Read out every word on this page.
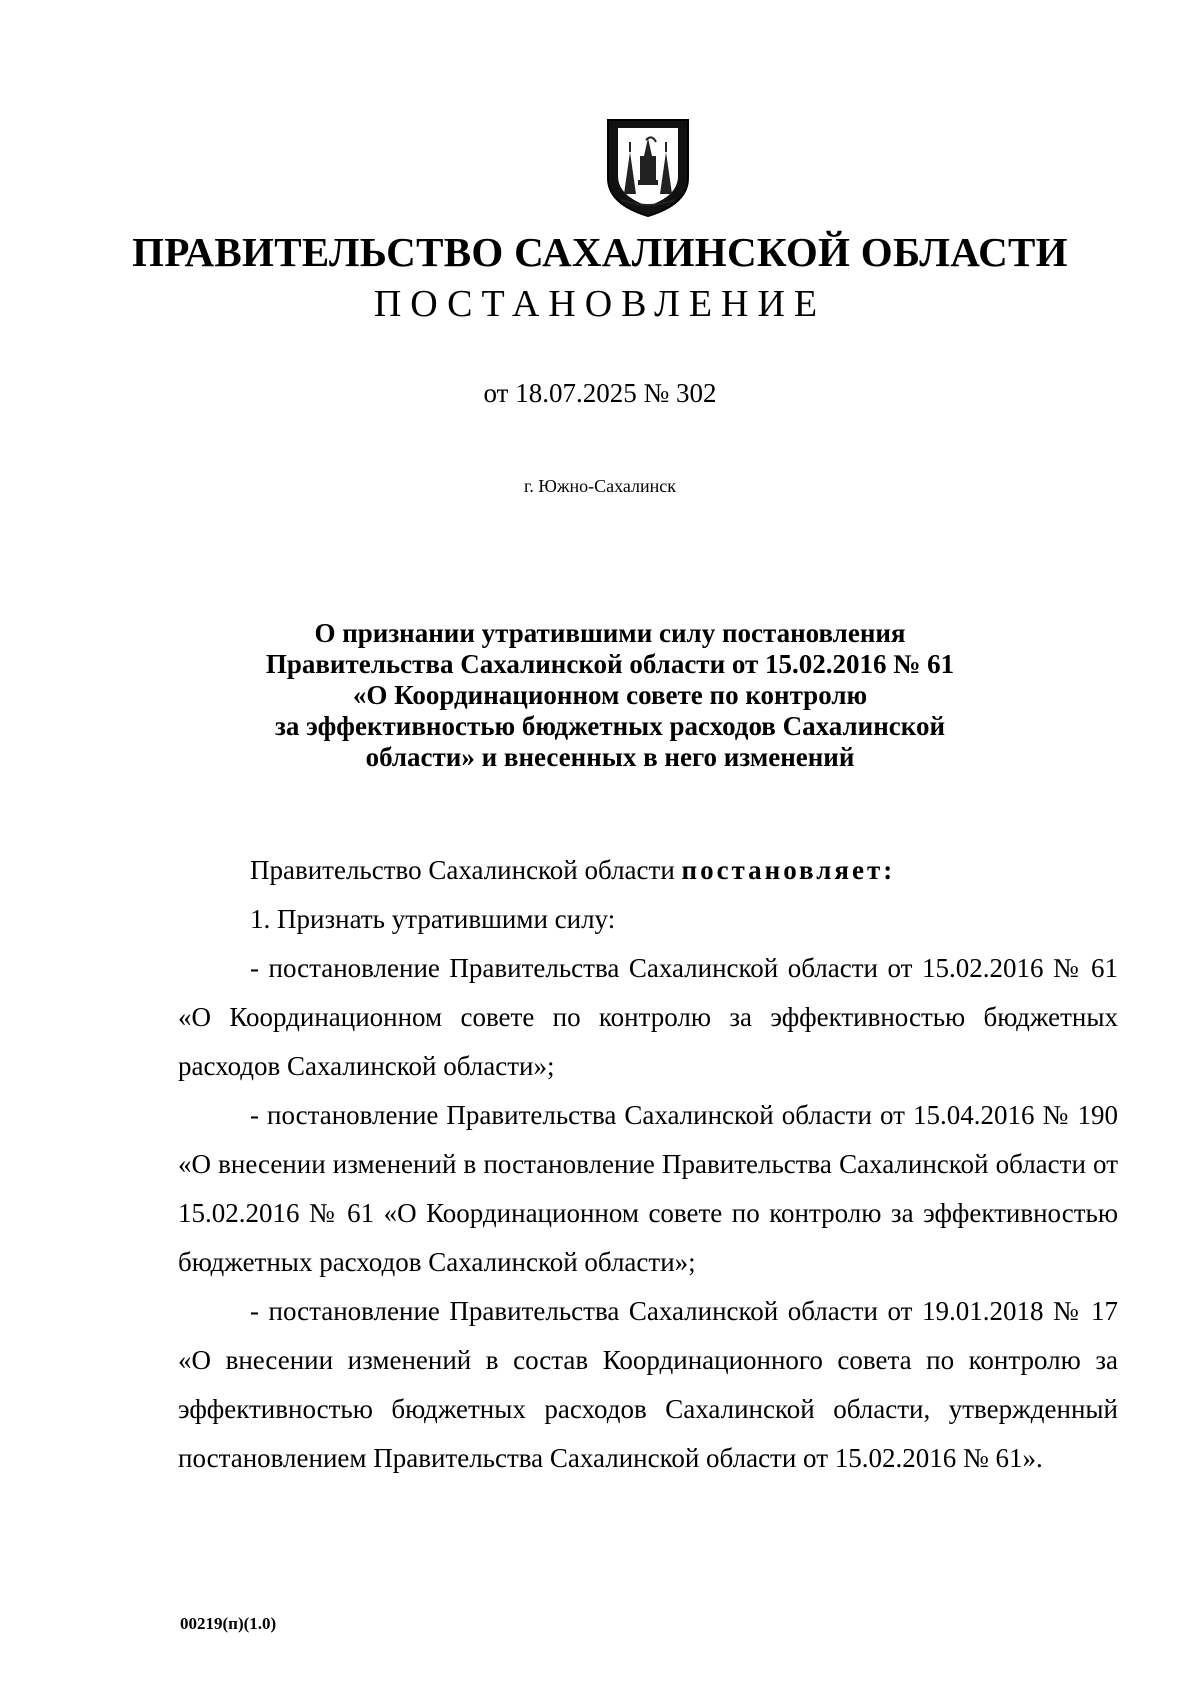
ПРАВИТЕЛЬСТВО САХАЛИНСКОЙ ОБЛАСТИ
ПОСТАНОВЛЕНИЕ
от 18.07.2025 № 302
г. Южно-Сахалинск
О признании утратившими силу постановления
Правительства Сахалинской области от 15.02.2016 № 61
«О Координационном совете по контролю
за эффективностью бюджетных расходов Сахалинской
области» и внесенных в него изменений

Правительство Сахалинской области постановляет:

1. Признать утратившими силу:

- постановление Правительства Сахалинской области от 15.02.2016 № 61 «О Координационном совете по контролю за эффективностью бюджетных расходов Сахалинской области»;

- постановление Правительства Сахалинской области от 15.04.2016 № 190 «О внесении изменений в постановление Правительства Сахалинской области от 15.02.2016 № 61 «О Координационном совете по контролю за эффективностью бюджетных расходов Сахалинской области»;

- постановление Правительства Сахалинской области от 19.01.2018 № 17 «О внесении изменений в состав Координационного совета по контролю за эффективностью бюджетных расходов Сахалинской области, утвержденный постановлением Правительства Сахалинской области от 15.02.2016 № 61».

00219(п)(1.0)
